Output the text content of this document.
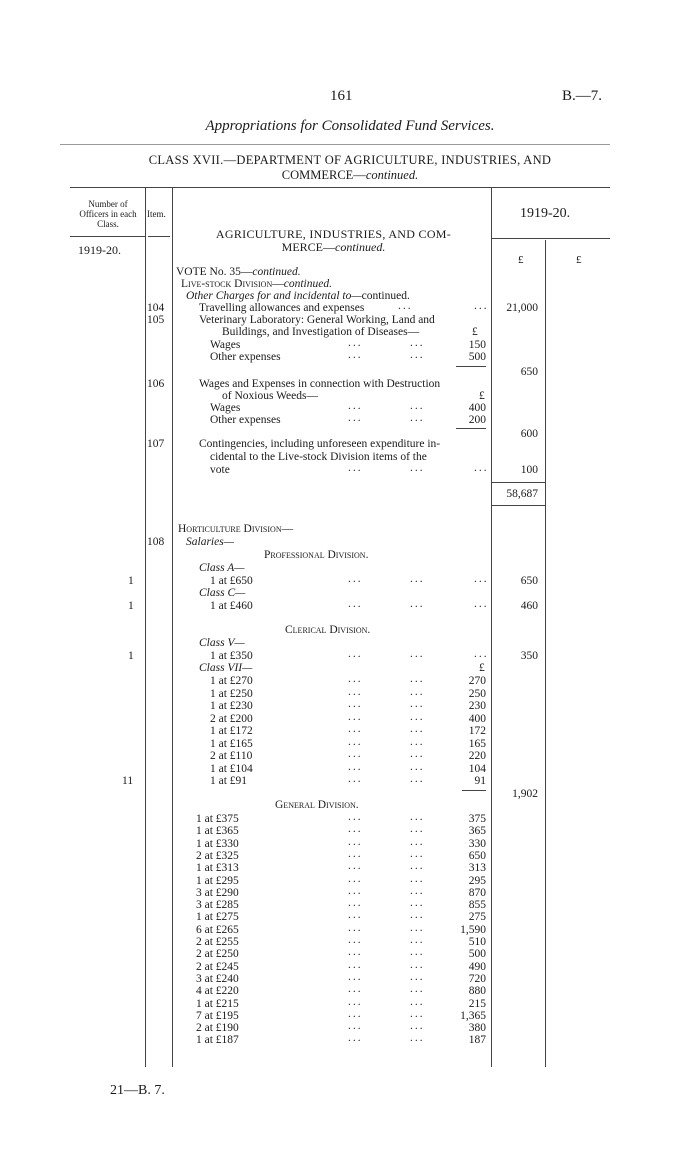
161	B.—7.
Appropriations for Consolidated Fund Services.
CLASS XVII.—DEPARTMENT OF AGRICULTURE, INDUSTRIES, AND
COMMERCE—continued.
Number of
Officers in each
Class.
Item.
1919-20.
1919-20.
£	£
AGRICULTURE, INDUSTRIES, AND COM-
MERCE—continued.
VOTE No. 35—continued.
Live-stock Division—continued.
Other Charges for and incidental to—continued.
104	Travelling allowances and expenses	...	...	21,000
105	Veterinary Laboratory: General Working, Land and
Buildings, and Investigation of Diseases—	£
Wages	...	...	150
Other expenses	...	...	500
650
106	Wages and Expenses in connection with Destruction
of Noxious Weeds—	£
Wages	...	...	400
Other expenses	...	...	200
600
107	Contingencies, including unforeseen expenditure in-
cidental to the Live-stock Division items of the
vote	...	...	...	100
58,687
Horticulture Division—
108 Salaries—
Professional Division.
Class A—
1	1 at £650	...	...	...	650
Class C—
1	1 at £460	...	...	...	460
Clerical Division.
Class V—
1	1 at £350	...	...	...	350
Class VII—	£
1 at £270	...	...	270
1 at £250	...	...	250
1 at £230	...	...	230
2 at £200	...	...	400
1 at £172	...	...	172
1 at £165	...	...	165
2 at £110	...	...	220
1 at £104	...	...	104
1 at £91	...	...	91
11
1,902
General Division.
1 at £375	...	...	375
1 at £365	...	...	365
1 at £330	...	...	330
2 at £325	...	...	650
1 at £313	...	...	313
1 at £295	...	...	295
3 at £290	...	...	870
3 at £285	...	...	855
1 at £275	...	...	275
6 at £265	...	...	1,590
2 at £255	...	...	510
2 at £250	...	...	500
2 at £245	...	...	490
3 at £240	...	...	720
4 at £220	...	...	880
1 at £215	...	...	215
7 at £195	...	...	1,365
2 at £190	...	...	380
1 at £187	...	...	187
21—B. 7.
